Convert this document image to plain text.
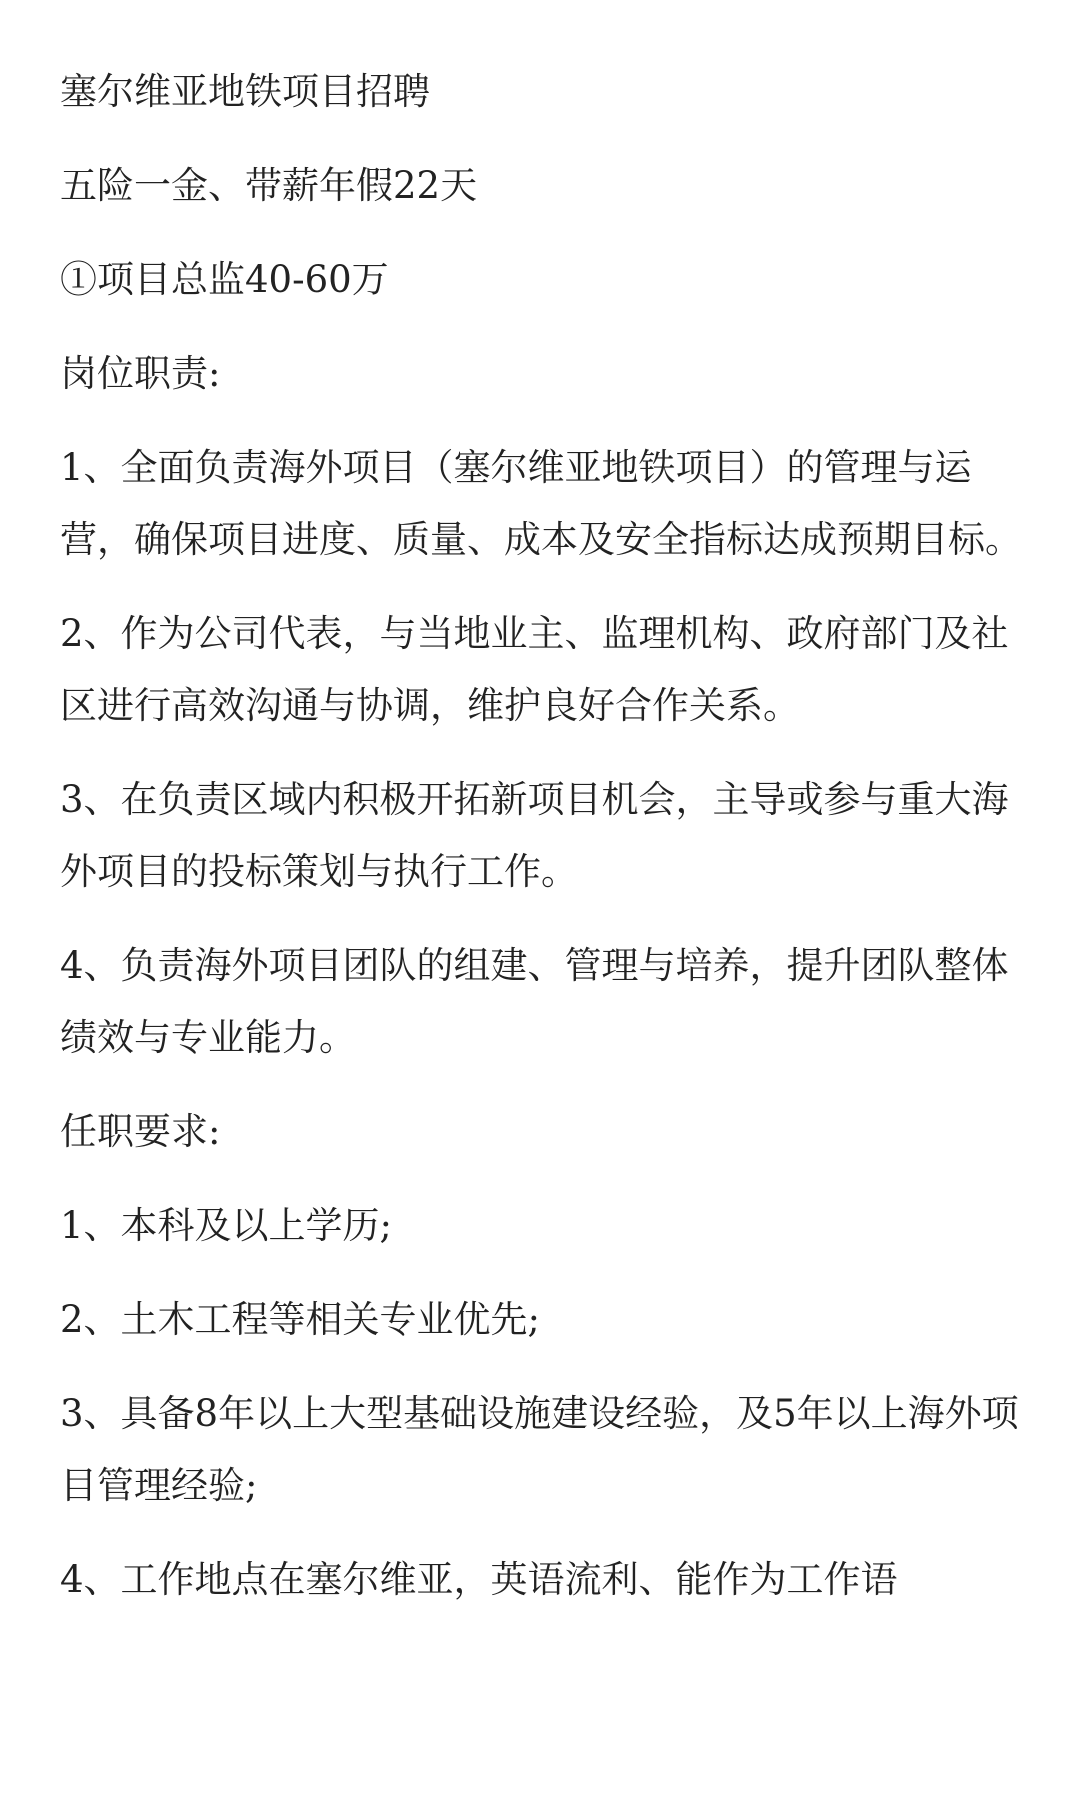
塞尔维亚地铁项目招聘

五险一金、带薪年假22天

①项目总监40-60万

岗位职责:

1、全面负责海外项目（塞尔维亚地铁项目）的管理与运营，确保项目进度、质量、成本及安全指标达成预期目标。

2、作为公司代表，与当地业主、监理机构、政府部门及社区进行高效沟通与协调，维护良好合作关系。

3、在负责区域内积极开拓新项目机会，主导或参与重大海外项目的投标策划与执行工作。

4、负责海外项目团队的组建、管理与培养，提升团队整体绩效与专业能力。

任职要求:

1、本科及以上学历;

2、土木工程等相关专业优先;

3、具备8年以上大型基础设施建设经验，及5年以上海外项目管理经验;

4、工作地点在塞尔维亚，英语流利、能作为工作语
